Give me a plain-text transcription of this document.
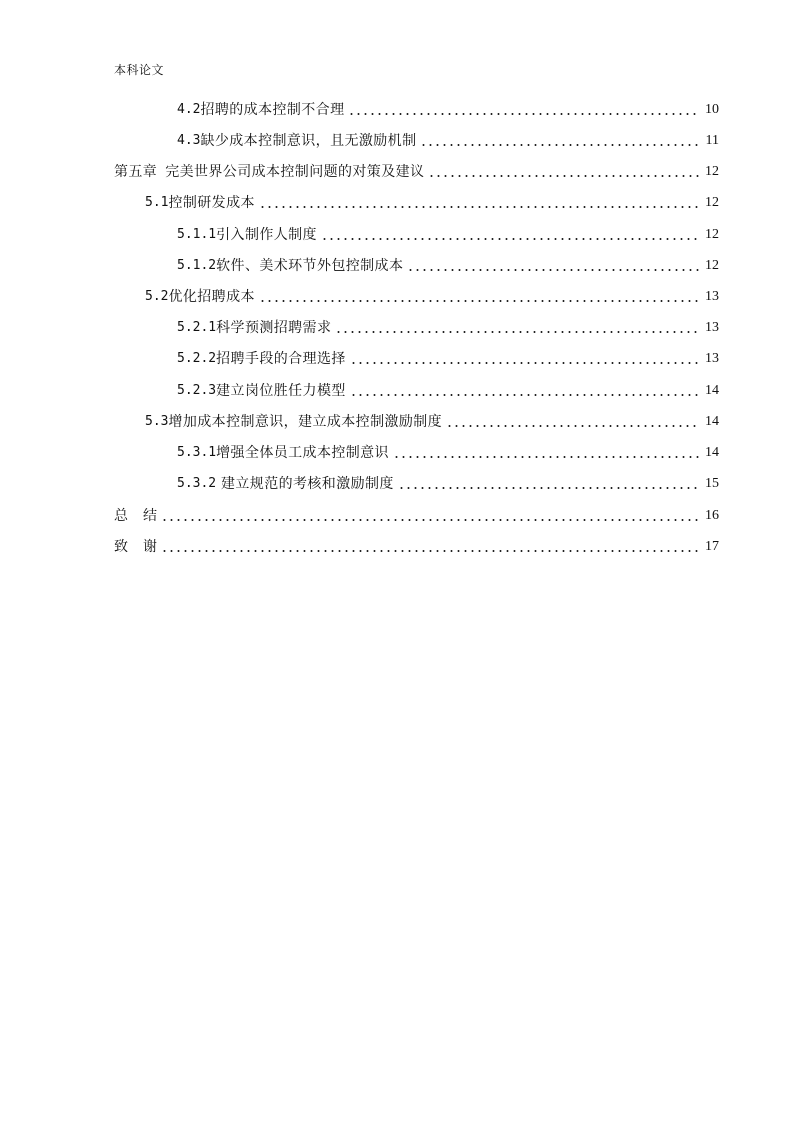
本科论文
4.2 招聘的成本控制不合理	10
4.3 缺少成本控制意识，且无激励机制	11
第五章 完美世界公司成本控制问题的对策及建议	12
5.1 控制研发成本	12
5.1.1 引入制作人制度	12
5.1.2 软件、美术环节外包控制成本	12
5.2 优化招聘成本	13
5.2.1 科学预测招聘需求	13
5.2.2 招聘手段的合理选择	13
5.2.3 建立岗位胜任力模型	14
5.3 增加成本控制意识，建立成本控制激励制度	14
5.3.1 增强全体员工成本控制意识	14
5.3.2 建立规范的考核和激励制度	15
总 结	16
致 谢	17
